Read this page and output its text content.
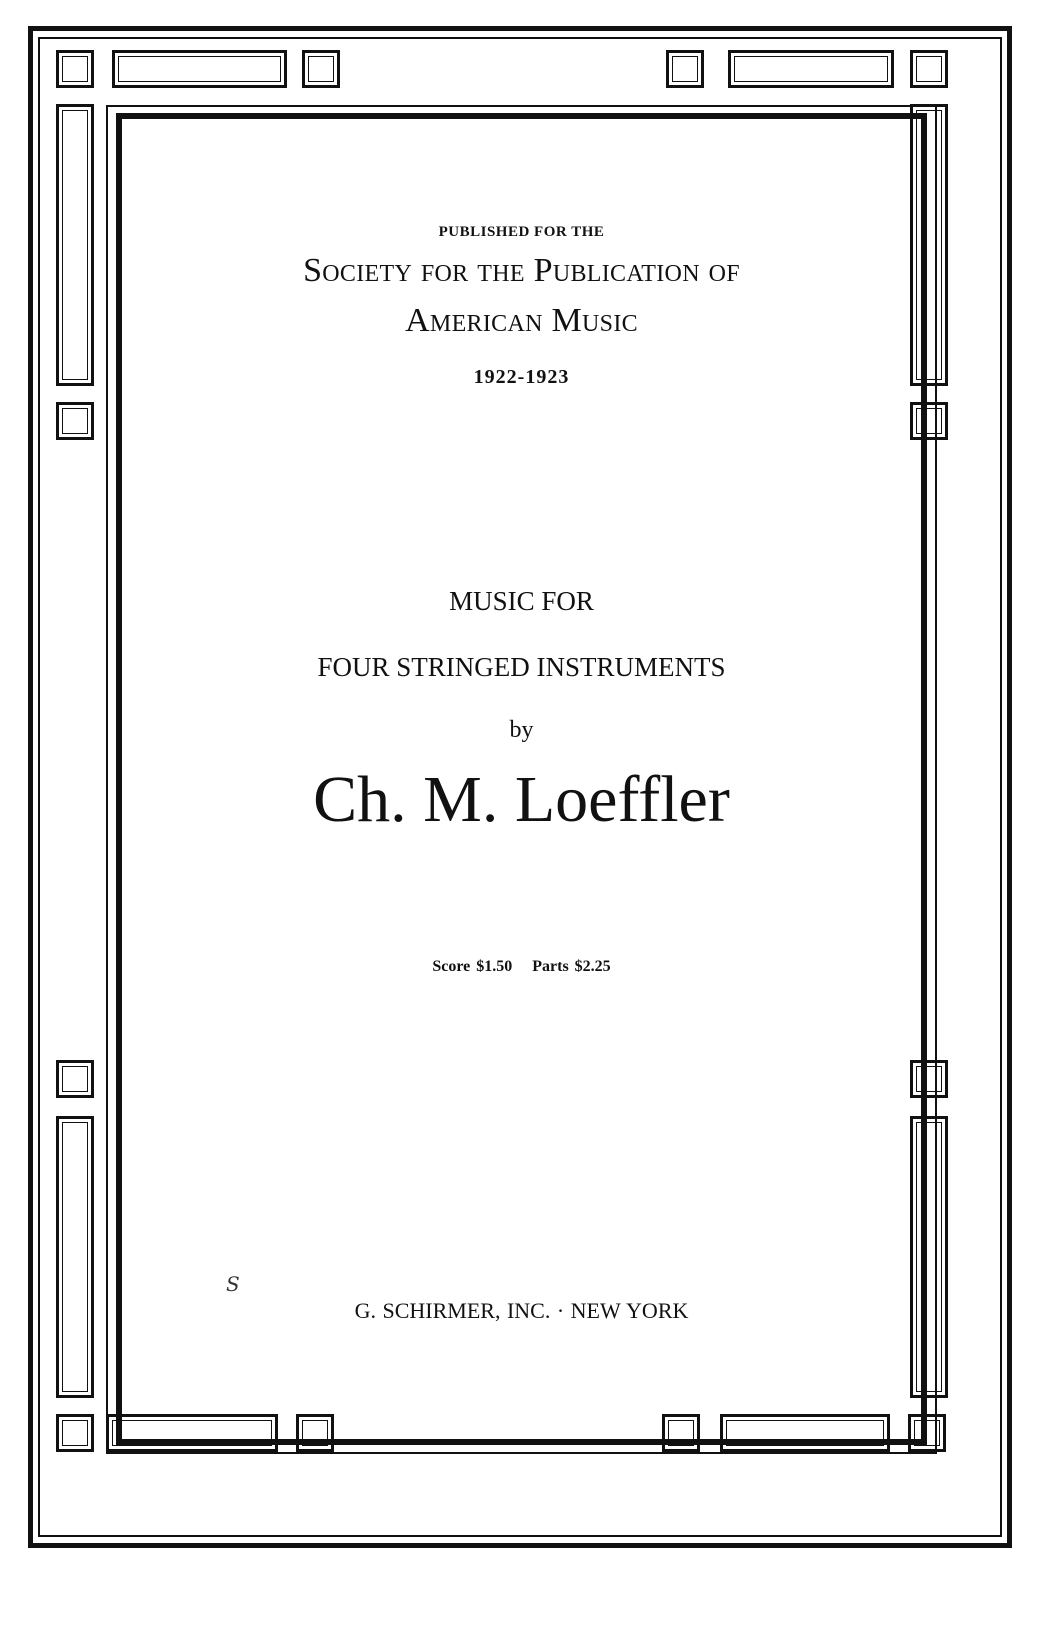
PUBLISHED FOR THE
Society for the Publication of
American Music
1922-1923
MUSIC FOR
FOUR STRINGED INSTRUMENTS
by
Ch. M. Loeffler
Score $1.50 Parts $2.25
S
G. SCHIRMER, INC. · NEW YORK
